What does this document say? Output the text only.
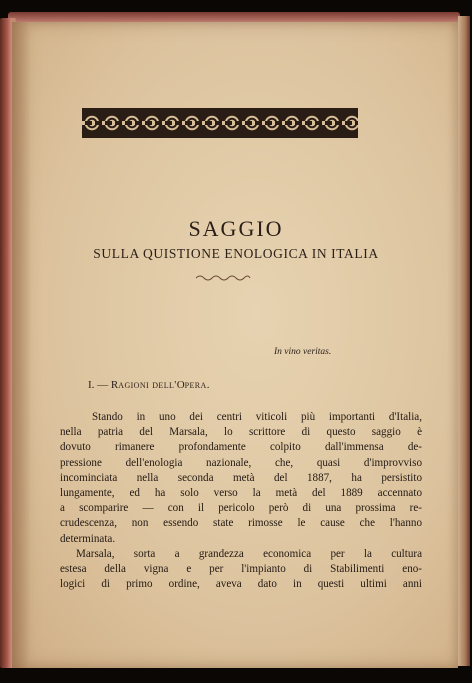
SAGGIO
SULLA QUISTIONE ENOLOGICA IN ITALIA
In vino veritas.
I. — Ragioni dell'Opera.
Stando in uno dei centri viticoli più importanti d'Italia,
nella patria del Marsala, lo scrittore di questo saggio è
dovuto rimanere profondamente colpito dall'immensa de-
pressione dell'enologia nazionale, che, quasi d'improvviso
incominciata nella seconda metà del 1887, ha persistito
lungamente, ed ha solo verso la metà del 1889 accennato
a scomparire — con il pericolo però di una prossima re-
crudescenza, non essendo state rimosse le cause che l'hanno
determinata.
Marsala, sorta a grandezza economica per la cultura
estesa della vigna e per l'impianto di Stabilimenti eno-
logici di primo ordine, aveva dato in questi ultimi anni
